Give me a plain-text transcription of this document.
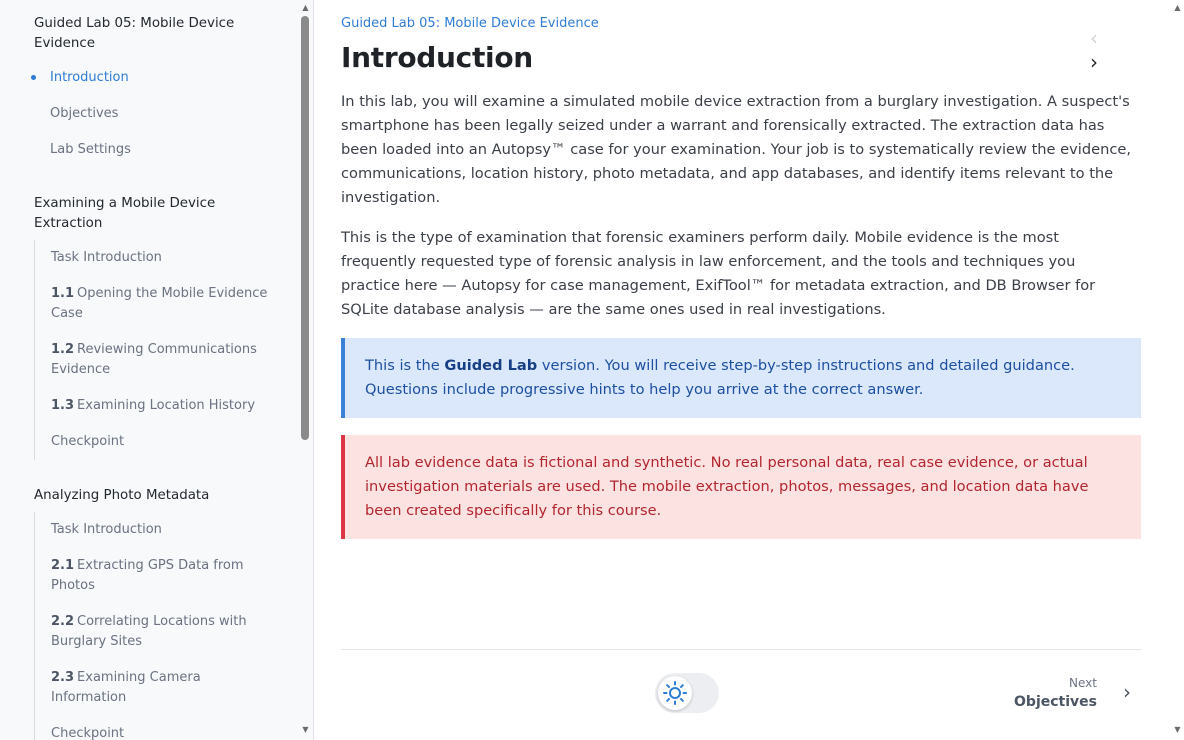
Guided Lab 05: Mobile Device Evidence
Introduction
Objectives
Lab Settings
Examining a Mobile Device Extraction
Task Introduction
1.1 Opening the Mobile Evidence Case
1.2 Reviewing Communications Evidence
1.3 Examining Location History
Checkpoint
Analyzing Photo Metadata
Task Introduction
2.1 Extracting GPS Data from Photos
2.2 Correlating Locations with Burglary Sites
2.3 Examining Camera Information
Checkpoint
▲
▼
Guided Lab 05: Mobile Device Evidence
Introduction
‹›

In this lab, you will examine a simulated mobile device extraction from a burglary investigation. A suspect's smartphone has been legally seized under a warrant and forensically extracted. The extraction data has been loaded into an Autopsy™ case for your examination. Your job is to systematically review the evidence, communications, location history, photo metadata, and app databases, and identify items relevant to the investigation.

This is the type of examination that forensic examiners perform daily. Mobile evidence is the most frequently requested type of forensic analysis in law enforcement, and the tools and techniques you practice here — Autopsy for case management, ExifTool™ for metadata extraction, and DB Browser for SQLite database analysis — are the same ones used in real investigations.

This is the Guided Lab version. You will receive step-by-step instructions and detailed guidance. Questions include progressive hints to help you arrive at the correct answer.
All lab evidence data is fictional and synthetic. No real personal data, real case evidence, or actual investigation materials are used. The mobile extraction, photos, messages, and location data have been created specifically for this course.
Next
Objectives ›
▲
▼
